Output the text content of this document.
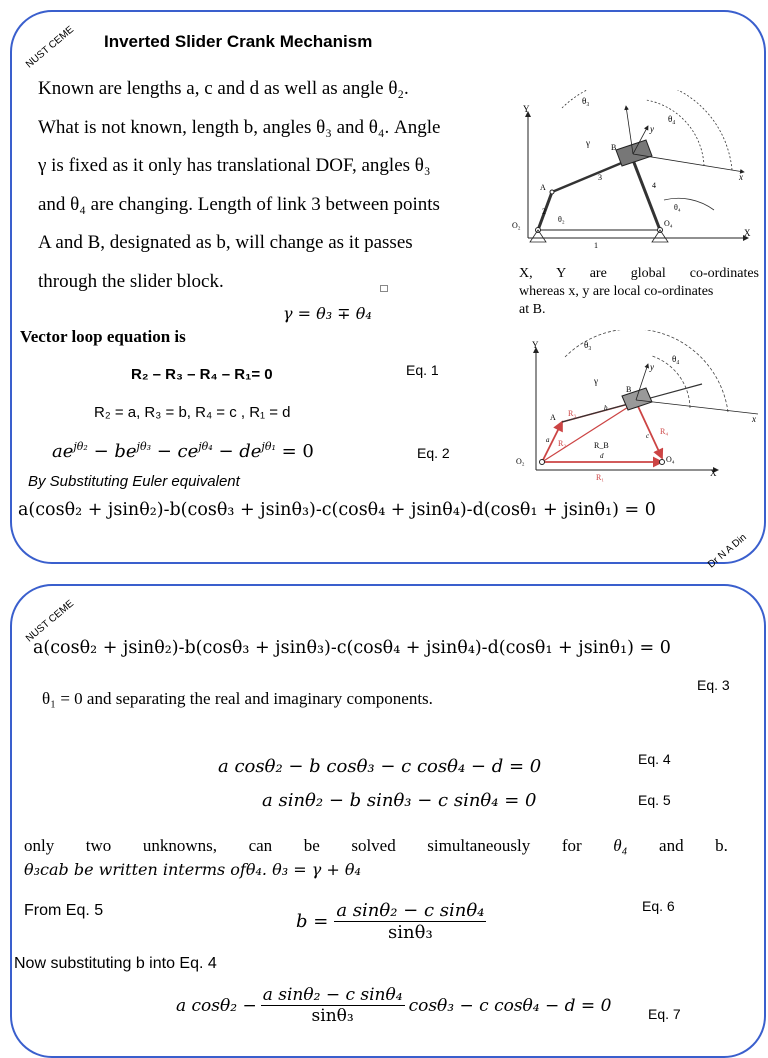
NUST CEME
Dr N A Din
Inverted Slider Crank Mechanism
Known are lengths a, c and d as well as angle θ₂.
What is not known, length b, angles θ₃ and θ₄. Angle
γ is fixed as it only has translational DOF, angles θ₃
and θ₄ are changing. Length of link 3 between points
A and B, designated as b, will change as it passes
through the slider block.
γ = θ₃ ∓ θ₄
Vector loop equation is
R₂ – R₃ – R₄ – R₁= 0	Eq. 1
R₂ = a, R₃ = b, R₄ = c , R₁ = d
$ae^{j\theta_2} - be^{j\theta_3} - ce^{j\theta_4} - de^{j\theta_1} = 0$	Eq. 2
By Substituting Euler equivalent
a(cosθ₂ + jsinθ₂)-b(cosθ₃ + jsinθ₃)-c(cosθ₄ + jsinθ₄)-d(cosθ₁ + jsinθ₁) = 0
Y
X
θ₃
θ₄
x
y
γ	B
A
2
3
4
θ₂
O₂	O₄
1
θ₄
X, Y are global co-ordinates
whereas x, y are local co-ordinates
at B.
Y
X
θ₃
θ₄
x
y
γ
B
A R₃
R₂	R_B
R₄
R₁
a
b
c
d
O₂	O₄
NUST CEME
a(cosθ₂ + jsinθ₂)-b(cosθ₃ + jsinθ₃)-c(cosθ₄ + jsinθ₄)-d(cosθ₁ + jsinθ₁) = 0
Eq. 3
θ₁ = 0 and separating the real and imaginary components.
a cosθ₂ − b cosθ₃ − c cosθ₄ − d = 0	Eq. 4
a sinθ₂ − b sinθ₃ − c sinθ₄ = 0	Eq. 5
only two unknowns, can be solved simultaneously for θ₄ and b.
θ₃cab be written interms ofθ₄. θ₃ = γ + θ₄
From Eq. 5
$b = \frac{\text{a sinθ₂ − c sinθ₄}}{\text{sinθ₃}}$	Eq. 6
Now substituting b into Eq. 4
a $\cos\theta_2 - \frac{\text{a sinθ₂ − c sinθ₄}}{\text{sinθ₃}} \cos\theta_3 - c$ cosθ₄ − d = 0	Eq. 7
